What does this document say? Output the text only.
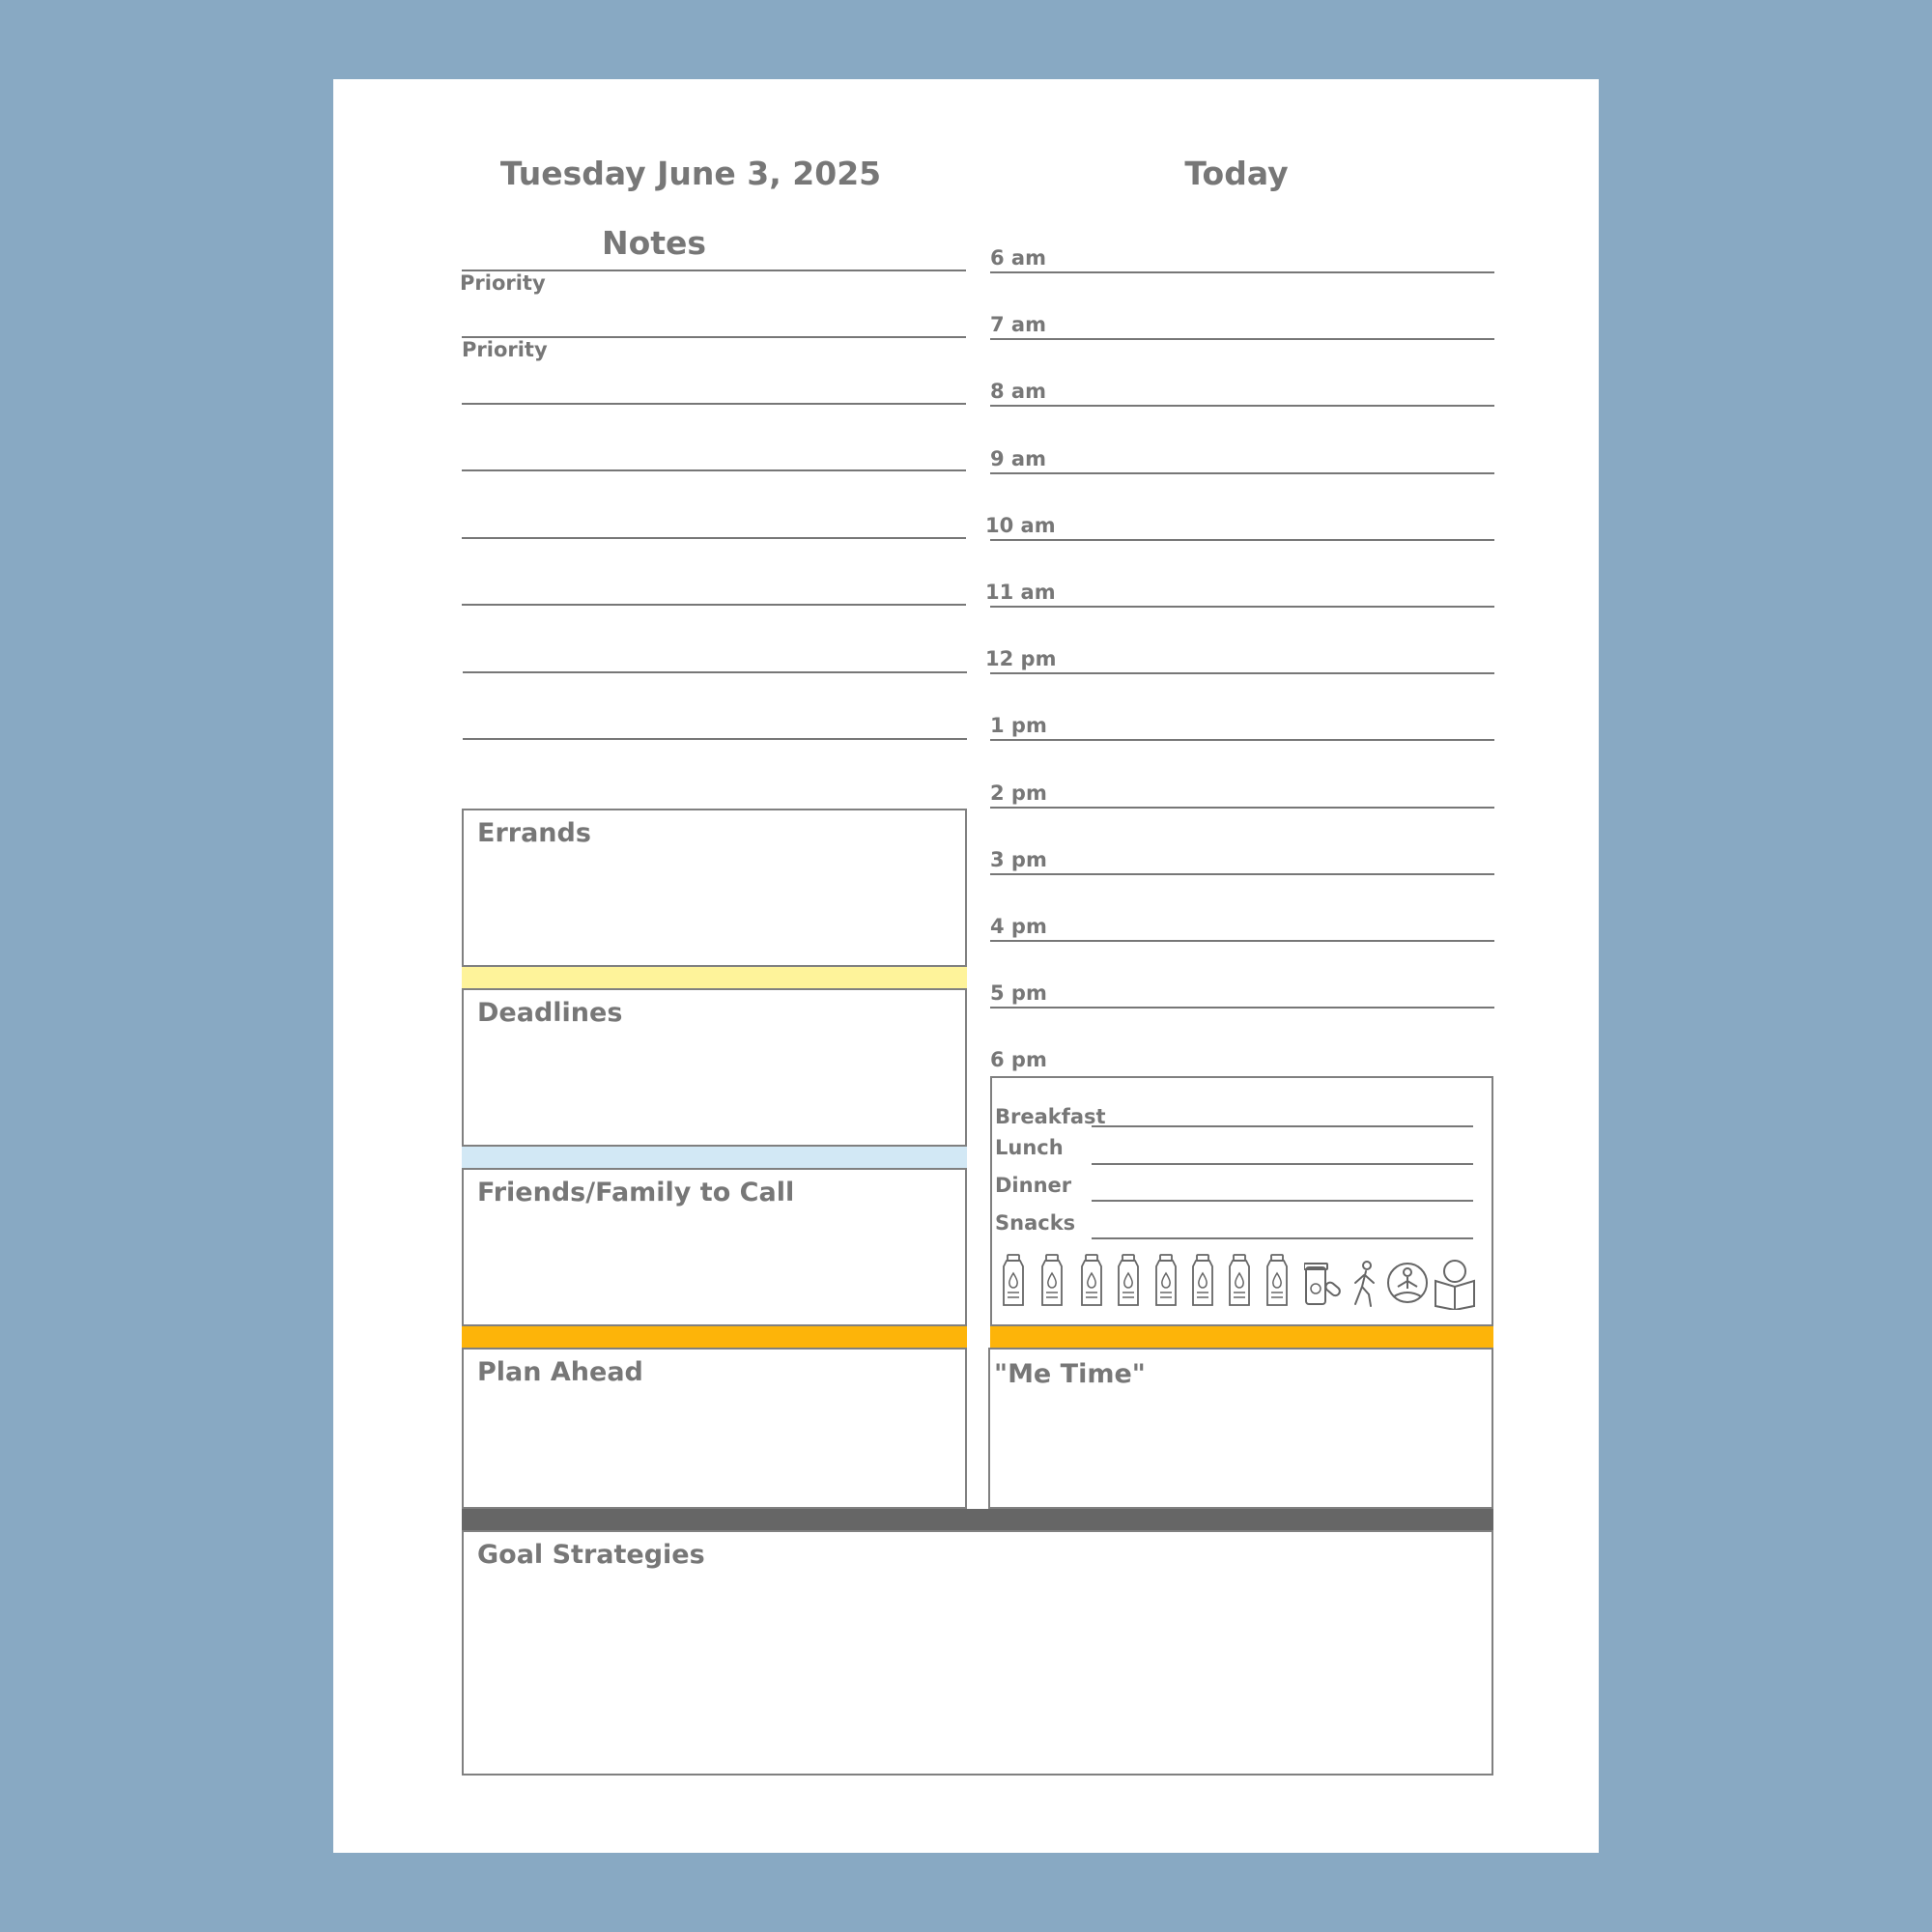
Tuesday June 3, 2025	Today
Notes
Priority
Priority
6 am
7 am
8 am
9 am
10 am
11 am
12 pm
1 pm
2 pm
3 pm
4 pm
5 pm
6 pm
Errands
Deadlines
Friends/Family to Call
Breakfast
Lunch
Dinner
Snacks
Plan Ahead	"Me Time"
Goal Strategies
